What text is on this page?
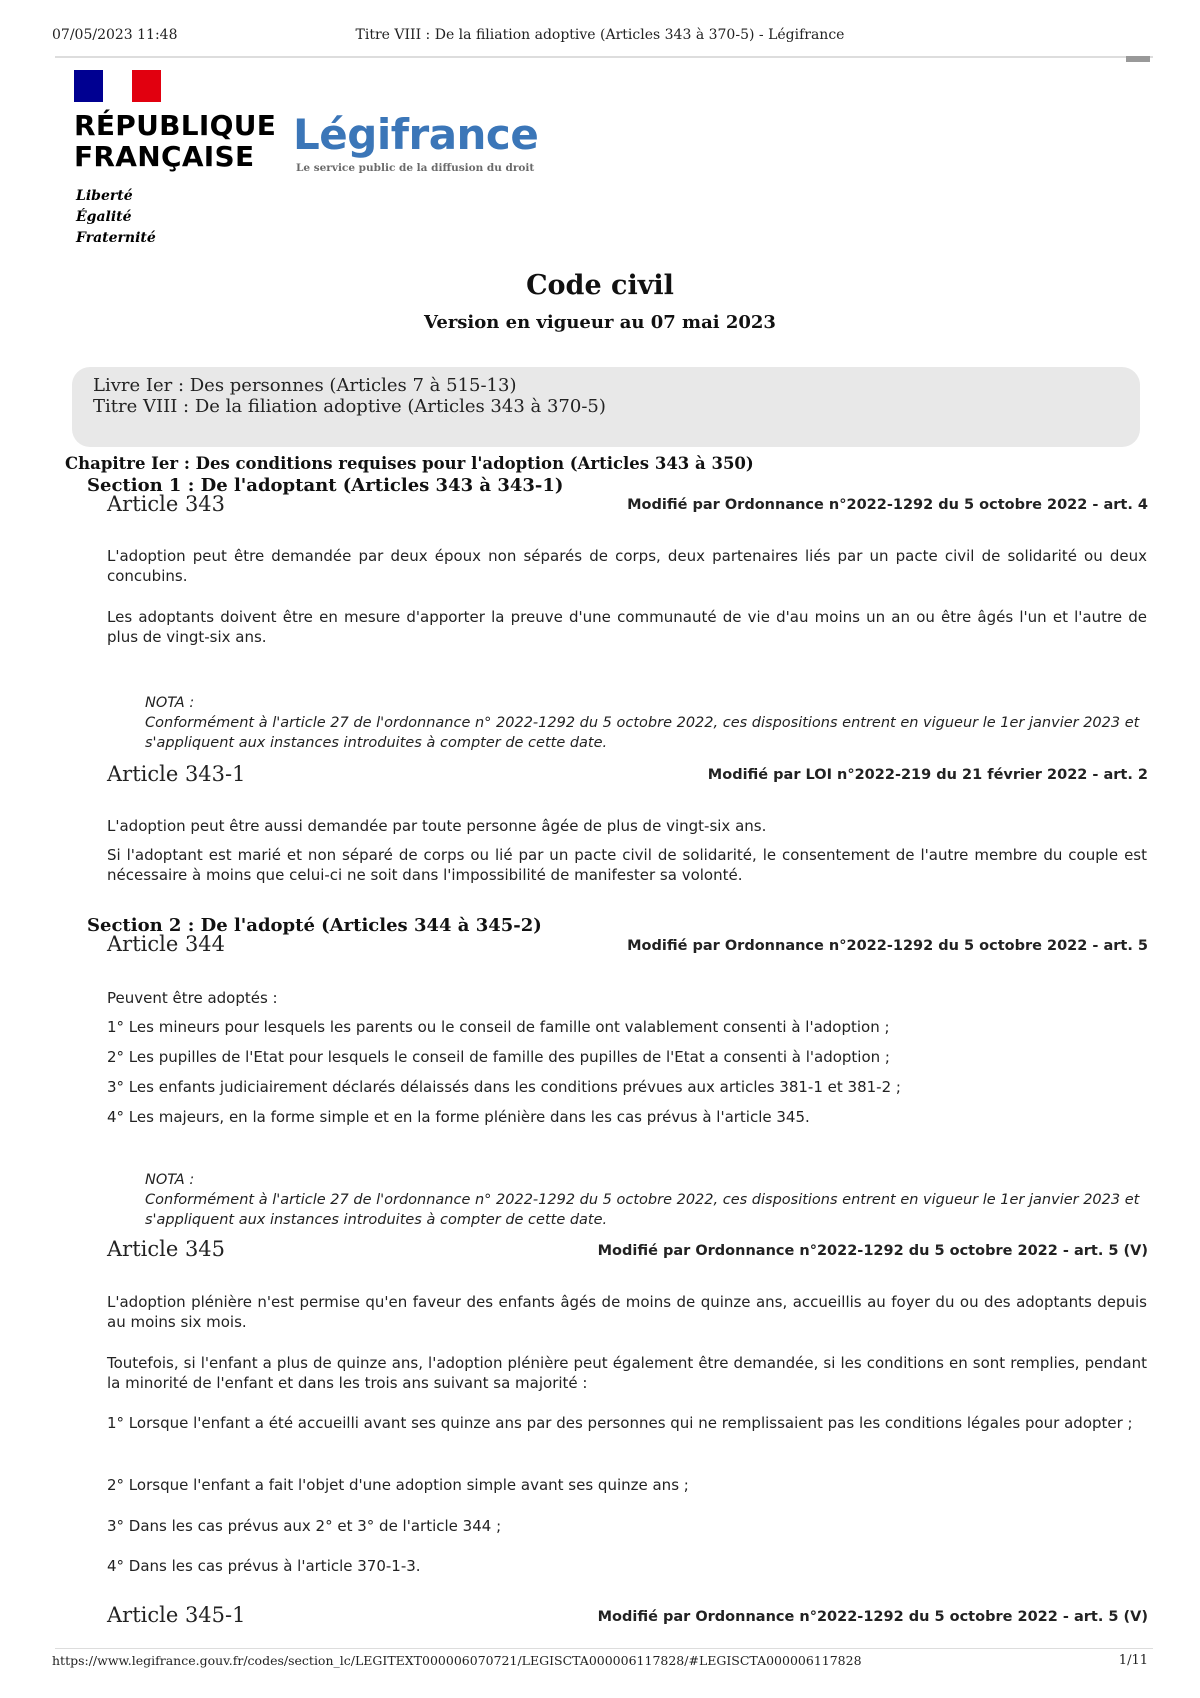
07/05/2023 11:48	Titre VIII : De la filiation adoptive (Articles 343 à 370-5) - Légifrance
RÉPUBLIQUE
FRANÇAISE
Liberté
Égalité
Fraternité
Légifrance
Le service public de la diffusion du droit
Code civil
Version en vigueur au 07 mai 2023
Livre Ier : Des personnes (Articles 7 à 515-13)
Titre VIII : De la filiation adoptive (Articles 343 à 370-5)
Chapitre Ier : Des conditions requises pour l'adoption (Articles 343 à 350)
Section 1 : De l'adoptant (Articles 343 à 343-1)
Article 343	Modifié par Ordonnance n°2022-1292 du 5 octobre 2022 - art. 4
L'adoption peut être demandée par deux époux non séparés de corps, deux partenaires liés par un pacte civil de solidarité ou deux concubins.
Les adoptants doivent être en mesure d'apporter la preuve d'une communauté de vie d'au moins un an ou être âgés l'un et l'autre de plus de vingt-six ans.
NOTA :
Conformément à l'article 27 de l'ordonnance n° 2022-1292 du 5 octobre 2022, ces dispositions entrent en vigueur le 1er janvier 2023 et s'appliquent aux instances introduites à compter de cette date.
Article 343-1	Modifié par LOI n°2022-219 du 21 février 2022 - art. 2
L'adoption peut être aussi demandée par toute personne âgée de plus de vingt-six ans.
Si l'adoptant est marié et non séparé de corps ou lié par un pacte civil de solidarité, le consentement de l'autre membre du couple est nécessaire à moins que celui-ci ne soit dans l'impossibilité de manifester sa volonté.
Section 2 : De l'adopté (Articles 344 à 345-2)
Article 344	Modifié par Ordonnance n°2022-1292 du 5 octobre 2022 - art. 5
Peuvent être adoptés :
1° Les mineurs pour lesquels les parents ou le conseil de famille ont valablement consenti à l'adoption ;
2° Les pupilles de l'Etat pour lesquels le conseil de famille des pupilles de l'Etat a consenti à l'adoption ;
3° Les enfants judiciairement déclarés délaissés dans les conditions prévues aux articles 381-1 et 381-2 ;
4° Les majeurs, en la forme simple et en la forme plénière dans les cas prévus à l'article 345.
NOTA :
Conformément à l'article 27 de l'ordonnance n° 2022-1292 du 5 octobre 2022, ces dispositions entrent en vigueur le 1er janvier 2023 et s'appliquent aux instances introduites à compter de cette date.
Article 345	Modifié par Ordonnance n°2022-1292 du 5 octobre 2022 - art. 5 (V)
L'adoption plénière n'est permise qu'en faveur des enfants âgés de moins de quinze ans, accueillis au foyer du ou des adoptants depuis au moins six mois.
Toutefois, si l'enfant a plus de quinze ans, l'adoption plénière peut également être demandée, si les conditions en sont remplies, pendant la minorité de l'enfant et dans les trois ans suivant sa majorité :
1° Lorsque l'enfant a été accueilli avant ses quinze ans par des personnes qui ne remplissaient pas les conditions légales pour adopter ;
2° Lorsque l'enfant a fait l'objet d'une adoption simple avant ses quinze ans ;
3° Dans les cas prévus aux 2° et 3° de l'article 344 ;
4° Dans les cas prévus à l'article 370-1-3.
Article 345-1	Modifié par Ordonnance n°2022-1292 du 5 octobre 2022 - art. 5 (V)
https://www.legifrance.gouv.fr/codes/section_lc/LEGITEXT000006070721/LEGISCTA000006117828/#LEGISCTA000006117828	1/11
